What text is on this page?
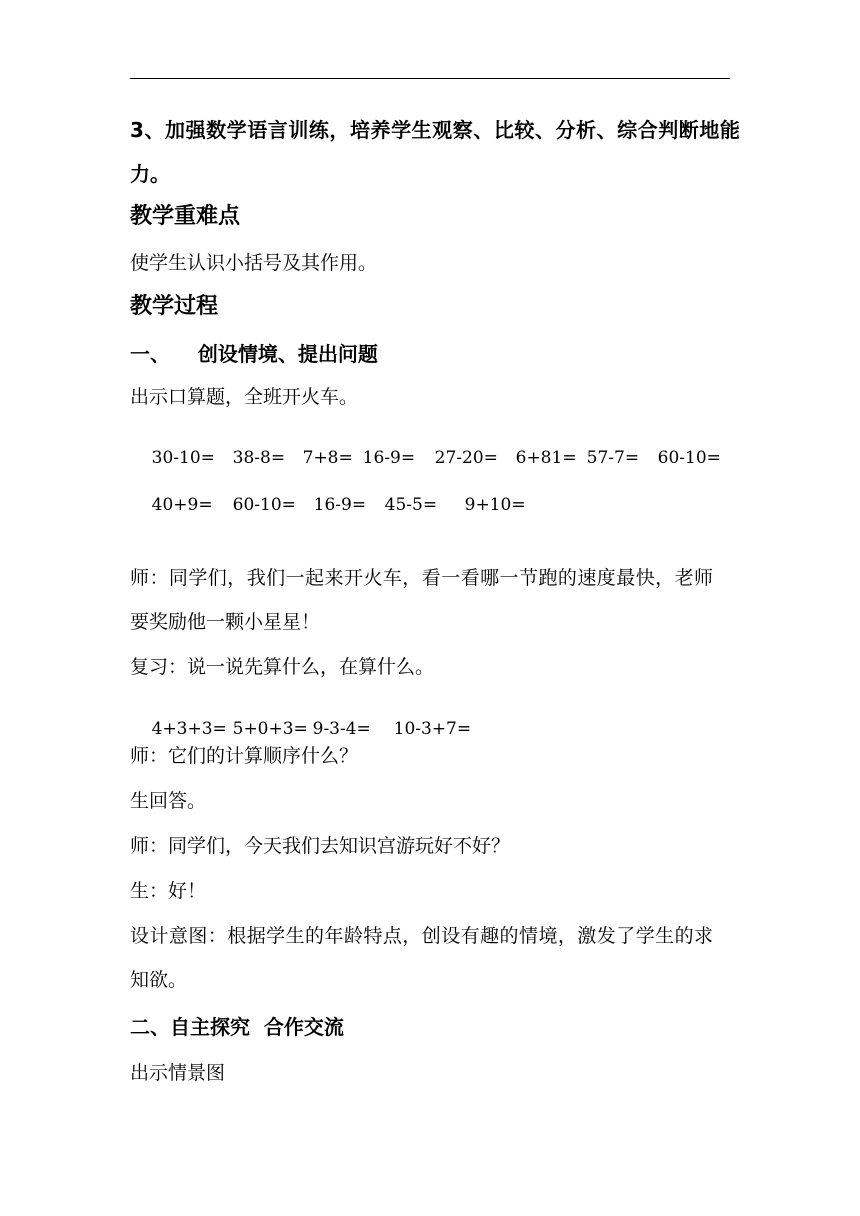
3、加强数学语言训练，培养学生观察、比较、分析、综合判断地能
力。
教学重难点
使学生认识小括号及其作用。
教学过程
一、    创设情境、提出问题
出示口算题，全班开火车。

30-10= 38-8= 7+8= 16-9= 27-20= 6+81= 57-7= 60-10=

40+9= 60-10= 16-9= 45-5= 9+10=

师：同学们，我们一起来开火车，看一看哪一节跑的速度最快，老师
要奖励他一颗小星星！
复习：说一说先算什么，在算什么。

4+3+3= 5+0+3= 9-3-4= 10-3+7=

师：它们的计算顺序什么？
生回答。
师：同学们，今天我们去知识宫游玩好不好？
生：好！
设计意图：根据学生的年龄特点，创设有趣的情境，激发了学生的求
知欲。
二、自主探究  合作交流
出示情景图
